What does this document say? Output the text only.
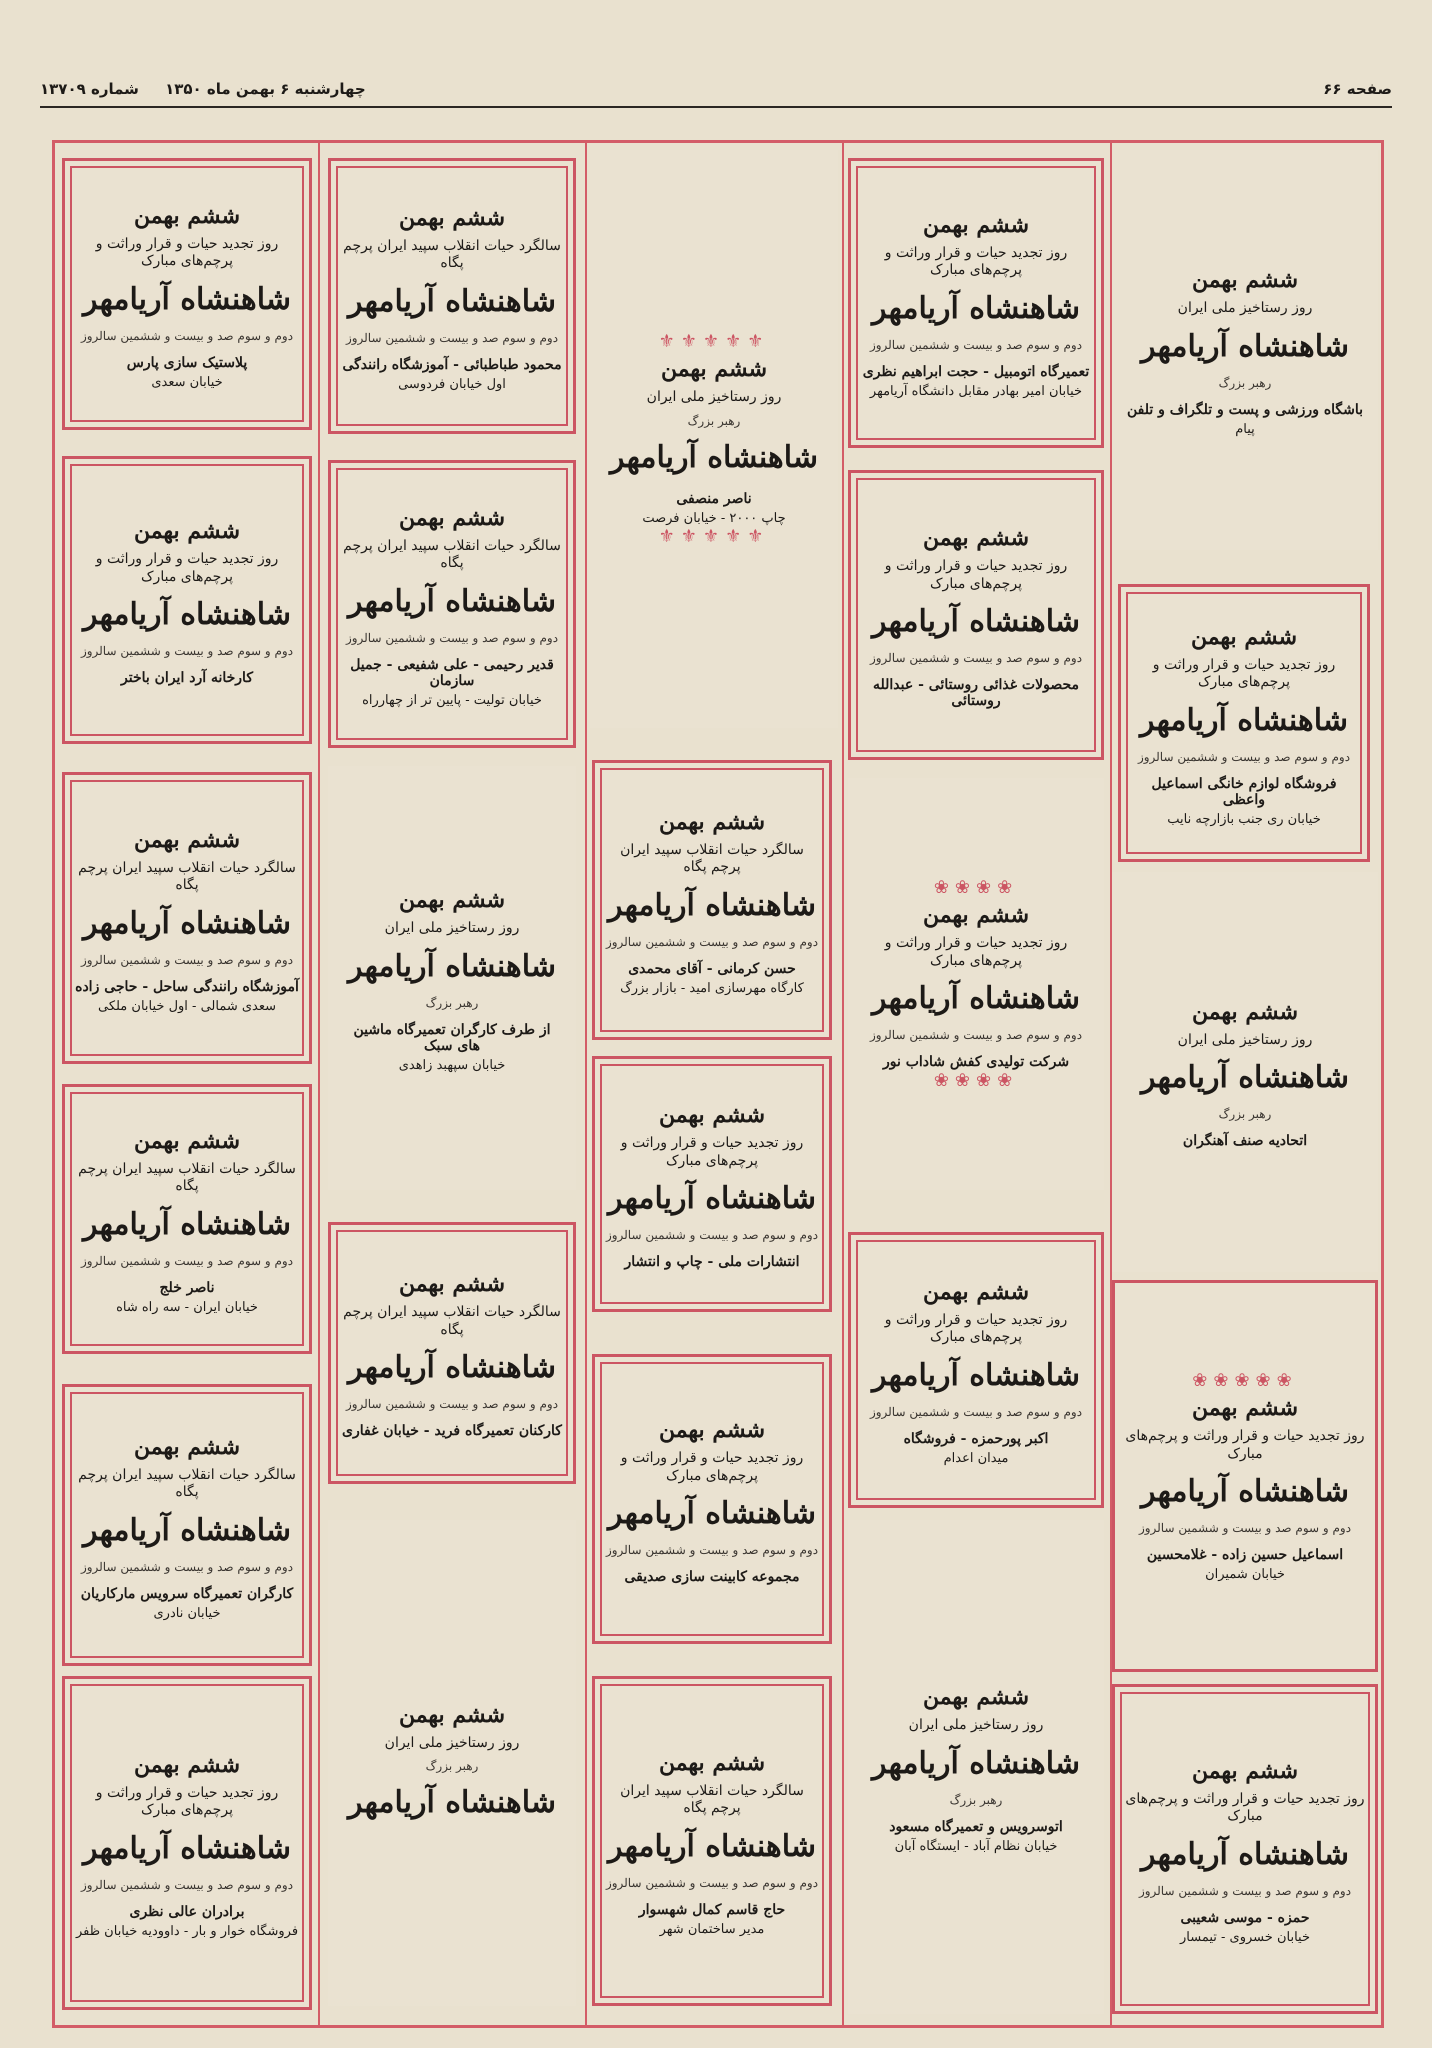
صفحه ۶۶
چهارشنبه ۶ بهمن ماه ۱۳۵۰     شماره ۱۳۷۰۹
ششم بهمن
روز رستاخیز ملی ایران
شاهنشاه آریامهر
رهبر بزرگ
باشگاه ورزشی و پست و تلگراف و تلفن
پیام
ششم بهمن
روز تجدید حیات و قرار وراثت و پرچم‌های مبارک
شاهنشاه آریامهر
دوم و سوم صد و بیست و ششمین سالروز
فروشگاه لوازم خانگی اسماعیل واعظی
خیابان ری جنب بازارچه نایب
ششم بهمن
روز رستاخیز ملی ایران
شاهنشاه آریامهر
رهبر بزرگ
اتحادیه صنف آهنگران
❀❀❀❀❀
ششم بهمن
روز تجدید حیات و قرار وراثت و پرچم‌های مبارک
شاهنشاه آریامهر
دوم و سوم صد و بیست و ششمین سالروز
اسماعیل حسین زاده - غلامحسین
خیابان شمیران
ششم بهمن
روز تجدید حیات و قرار وراثت و پرچم‌های مبارک
شاهنشاه آریامهر
دوم و سوم صد و بیست و ششمین سالروز
حمزه - موسی شعیبی
خیابان خسروی - تیمسار
ششم بهمن
روز تجدید حیات و قرار وراثت و پرچم‌های مبارک
شاهنشاه آریامهر
دوم و سوم صد و بیست و ششمین سالروز
تعمیرگاه اتومبیل - حجت ابراهیم نظری
خیابان امیر بهادر مقابل دانشگاه آریامهر
ششم بهمن
روز تجدید حیات و قرار وراثت و پرچم‌های مبارک
شاهنشاه آریامهر
دوم و سوم صد و بیست و ششمین سالروز
محصولات غذائی روستائی - عبدالله روستائی
❀❀❀❀
ششم بهمن
روز تجدید حیات و قرار وراثت و پرچم‌های مبارک
شاهنشاه آریامهر
دوم و سوم صد و بیست و ششمین سالروز
شرکت تولیدی کفش شاداب نور
❀❀❀❀
ششم بهمن
روز تجدید حیات و قرار وراثت و پرچم‌های مبارک
شاهنشاه آریامهر
دوم و سوم صد و بیست و ششمین سالروز
اکبر پورحمزه - فروشگاه
میدان اعدام
ششم بهمن
روز رستاخیز ملی ایران
شاهنشاه آریامهر
رهبر بزرگ
اتوسرویس و تعمیرگاه مسعود
خیابان نظام آباد - ایستگاه آبان
⚜⚜⚜⚜⚜
ششم بهمن
روز رستاخیز ملی ایران
رهبر بزرگ
شاهنشاه آریامهر
ناصر منصفی
چاپ ۲۰۰۰ - خیابان فرصت
⚜⚜⚜⚜⚜
ششم بهمن
سالگرد حیات انقلاب سپید ایران پرچم پگاه
شاهنشاه آریامهر
دوم و سوم صد و بیست و ششمین سالروز
حسن کرمانی - آقای محمدی
کارگاه مهرسازی امید - بازار بزرگ
ششم بهمن
روز تجدید حیات و قرار وراثت و پرچم‌های مبارک
شاهنشاه آریامهر
دوم و سوم صد و بیست و ششمین سالروز
انتشارات ملی - چاپ و انتشار
ششم بهمن
روز تجدید حیات و قرار وراثت و پرچم‌های مبارک
شاهنشاه آریامهر
دوم و سوم صد و بیست و ششمین سالروز
مجموعه کابینت سازی صدیقی
ششم بهمن
سالگرد حیات انقلاب سپید ایران پرچم پگاه
شاهنشاه آریامهر
دوم و سوم صد و بیست و ششمین سالروز
حاج قاسم کمال شهسوار
مدیر ساختمان شهر
ششم بهمن
سالگرد حیات انقلاب سپید ایران پرچم پگاه
شاهنشاه آریامهر
دوم و سوم صد و بیست و ششمین سالروز
محمود طباطبائی - آموزشگاه رانندگی
اول خیابان فردوسی
ششم بهمن
سالگرد حیات انقلاب سپید ایران پرچم پگاه
شاهنشاه آریامهر
دوم و سوم صد و بیست و ششمین سالروز
قدیر رحیمی - علی شفیعی - جمیل سازمان
خیابان تولیت - پایین تر از چهارراه
ششم بهمن
روز رستاخیز ملی ایران
شاهنشاه آریامهر
رهبر بزرگ
از طرف کارگران تعمیرگاه ماشین های سبک
خیابان سپهبد زاهدی
ششم بهمن
سالگرد حیات انقلاب سپید ایران پرچم پگاه
شاهنشاه آریامهر
دوم و سوم صد و بیست و ششمین سالروز
کارکنان تعمیرگاه فرید - خیابان غفاری
ششم بهمن
روز رستاخیز ملی ایران
رهبر بزرگ
شاهنشاه آریامهر
ششم بهمن
روز تجدید حیات و قرار وراثت و پرچم‌های مبارک
شاهنشاه آریامهر
دوم و سوم صد و بیست و ششمین سالروز
پلاستیک سازی پارس
خیابان سعدی
ششم بهمن
روز تجدید حیات و قرار وراثت و پرچم‌های مبارک
شاهنشاه آریامهر
دوم و سوم صد و بیست و ششمین سالروز
کارخانه آرد ایران باختر
ششم بهمن
سالگرد حیات انقلاب سپید ایران پرچم پگاه
شاهنشاه آریامهر
دوم و سوم صد و بیست و ششمین سالروز
آموزشگاه رانندگی ساحل - حاجی زاده
سعدی شمالی - اول خیابان ملکی
ششم بهمن
سالگرد حیات انقلاب سپید ایران پرچم پگاه
شاهنشاه آریامهر
دوم و سوم صد و بیست و ششمین سالروز
ناصر خلج
خیابان ایران - سه راه شاه
ششم بهمن
سالگرد حیات انقلاب سپید ایران پرچم پگاه
شاهنشاه آریامهر
دوم و سوم صد و بیست و ششمین سالروز
کارگران تعمیرگاه سرویس مارکاریان
خیابان نادری
ششم بهمن
روز تجدید حیات و قرار وراثت و پرچم‌های مبارک
شاهنشاه آریامهر
دوم و سوم صد و بیست و ششمین سالروز
برادران عالی نظری
فروشگاه خوار و بار - داوودیه خیابان ظفر
